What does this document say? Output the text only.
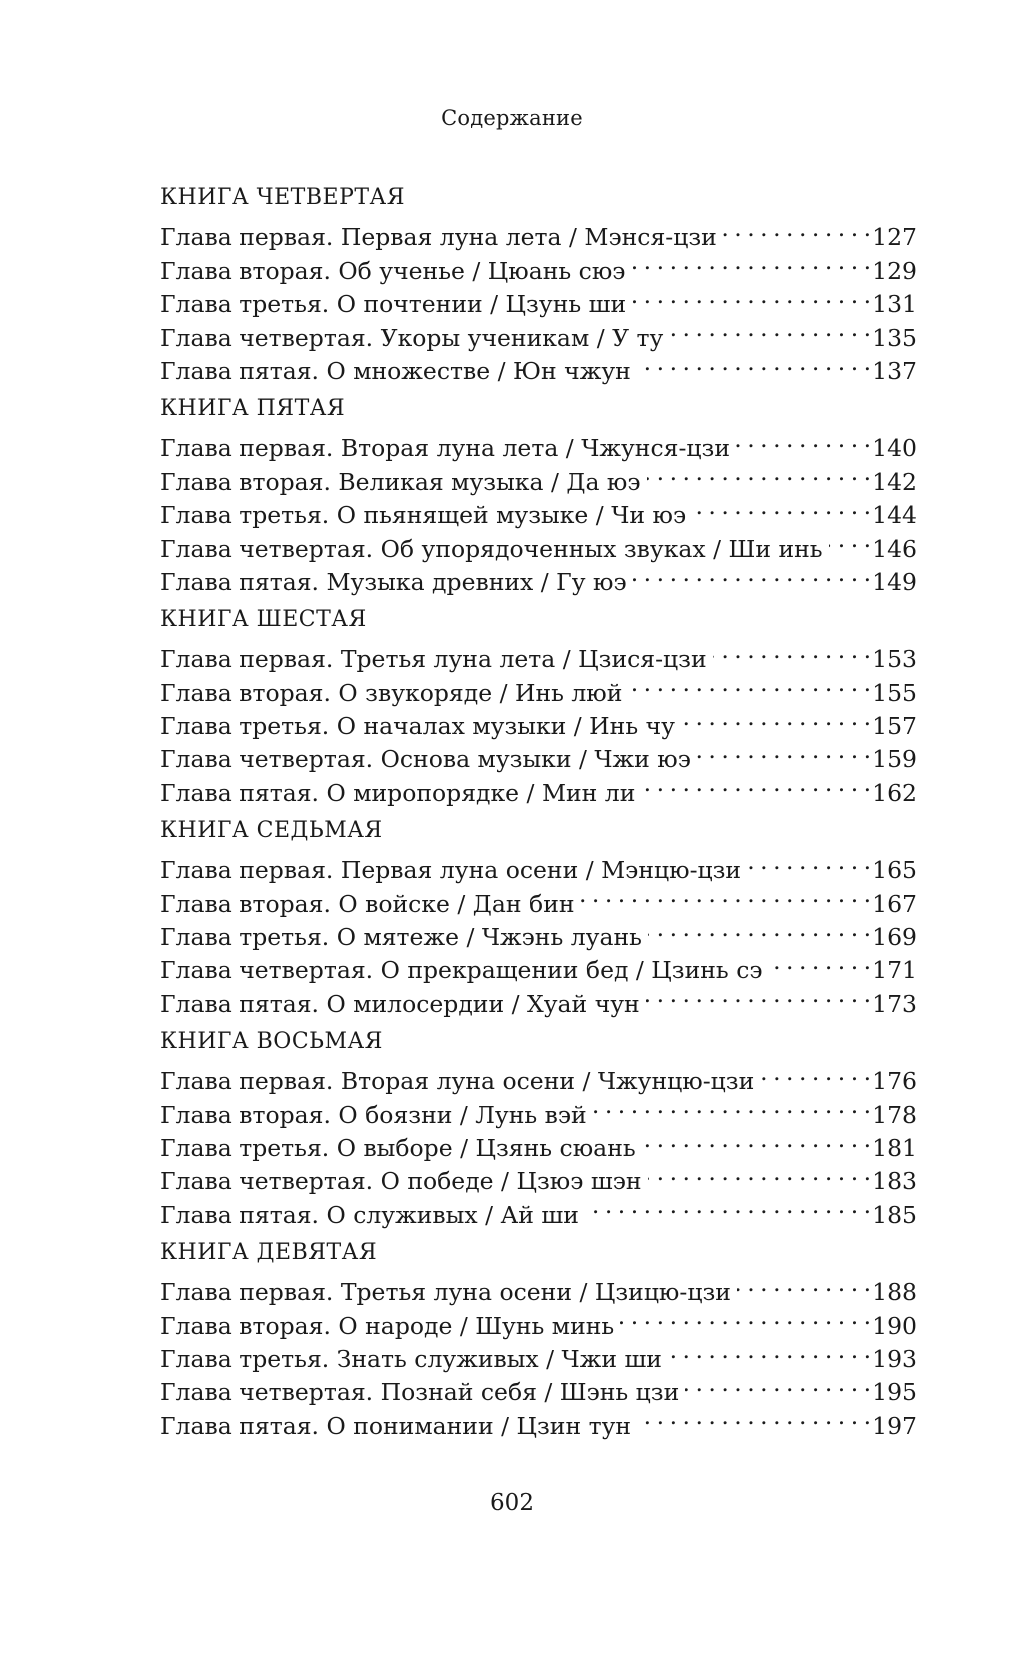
Содержание
КНИГА ЧЕТВЕРТАЯ
Глава первая. Первая луна лета / Мэнся-цзи . . .	127
Глава вторая. Об ученье / Цюань сюэ . . .	129
Глава третья. О почтении / Цзунь ши . . .	131
Глава четвертая. Укоры ученикам / У ту . . .	135
Глава пятая. О множестве / Юн чжун . . .	137
КНИГА ПЯТАЯ
Глава первая. Вторая луна лета / Чжунся-цзи . . .	140
Глава вторая. Великая музыка / Да юэ . . .	142
Глава третья. О пьянящей музыке / Чи юэ . . .	144
Глава четвертая. Об упорядоченных звуках / Ши инь . . . 146
Глава пятая. Музыка древних / Гу юэ . . .	149
КНИГА ШЕСТАЯ
Глава первая. Третья луна лета / Цзися-цзи . . .	153
Глава вторая. О звукоряде / Инь люй . . .	155
Глава третья. О началах музыки / Инь чу . . .	157
Глава четвертая. Основа музыки / Чжи юэ . . .	159
Глава пятая. О миропорядке / Мин ли . . .	162
КНИГА СЕДЬМАЯ
Глава первая. Первая луна осени / Мэнцю-цзи . . .	165
Глава вторая. О войске / Дан бин . . .	167
Глава третья. О мятеже / Чжэнь луань . . .	169
Глава четвертая. О прекращении бед / Цзинь сэ . . .	171
Глава пятая. О милосердии / Хуай чун . . .	173
КНИГА ВОСЬМАЯ
Глава первая. Вторая луна осени / Чжунцю-цзи . . .	176
Глава вторая. О боязни / Лунь вэй . . .	178
Глава третья. О выборе / Цзянь сюань . . .	181
Глава четвертая. О победе / Цзюэ шэн . . .	183
Глава пятая. О служивых / Ай ши . . .	185
КНИГА ДЕВЯТАЯ
Глава первая. Третья луна осени / Цзицю-цзи . . .	188
Глава вторая. О народе / Шунь минь . . .	190
Глава третья. Знать служивых / Чжи ши . . .	193
Глава четвертая. Познай себя / Шэнь цзи . . .	195
Глава пятая. О понимании / Цзин тун . . .	197
602
